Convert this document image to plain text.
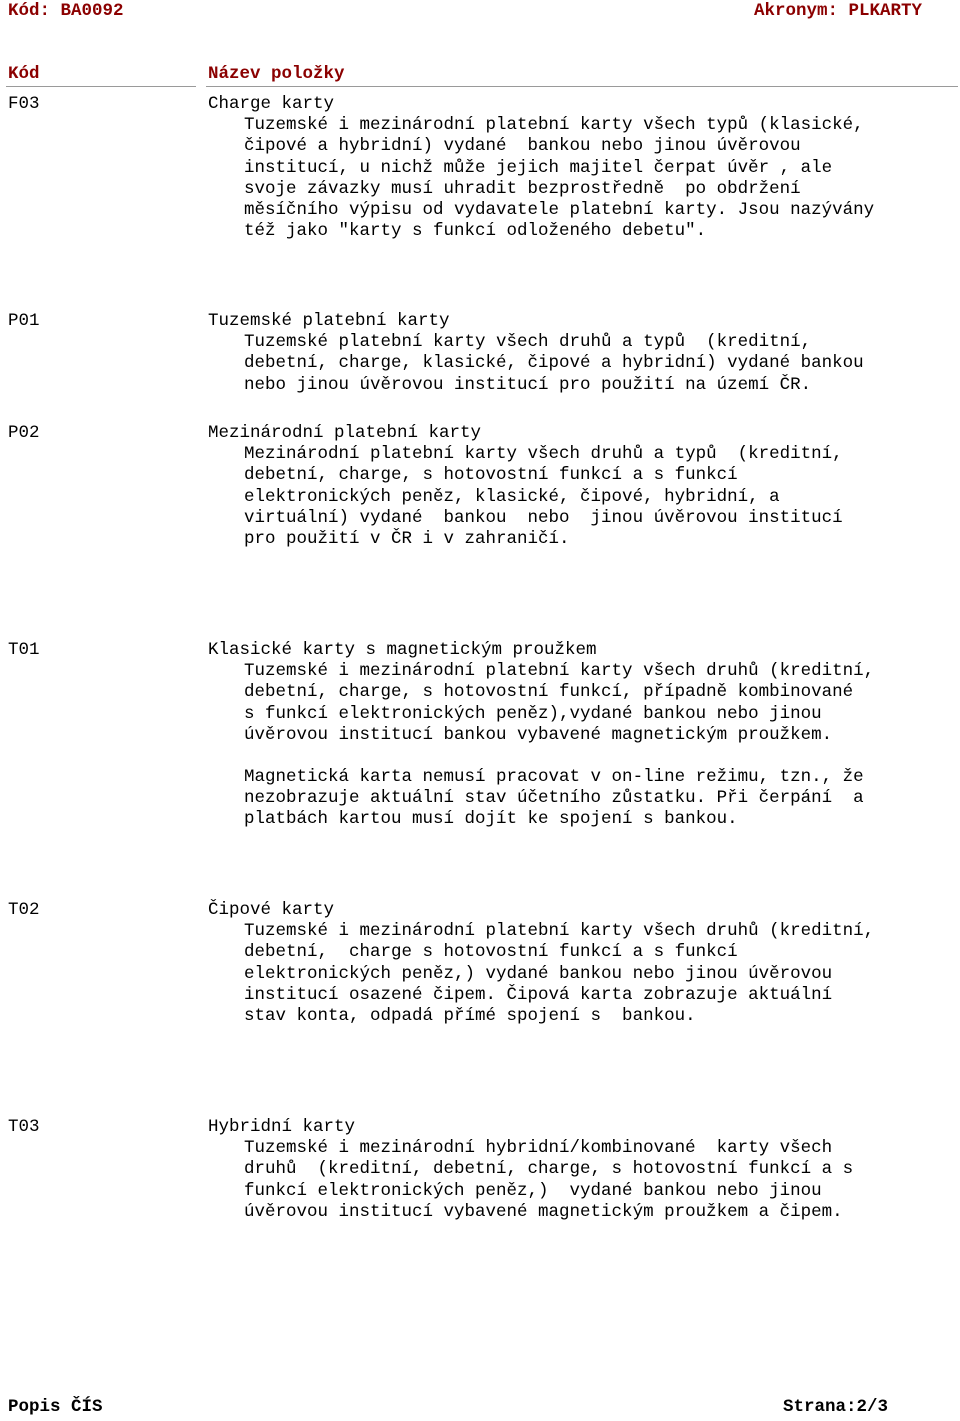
Kód: BA0092	Akronym: PLKARTY
Kód	Název položky
F03	Charge karty
Tuzemské i mezinárodní platební karty všech typů (klasické,
čipové a hybridní) vydané  bankou nebo jinou úvěrovou
institucí, u nichž může jejich majitel čerpat úvěr , ale
svoje závazky musí uhradit bezprostředně  po obdržení
měsíčního výpisu od vydavatele platební karty. Jsou nazývány
též jako "karty s funkcí odloženého debetu".
P01	Tuzemské platební karty
Tuzemské platební karty všech druhů a typů  (kreditní,
debetní, charge, klasické, čipové a hybridní) vydané bankou
nebo jinou úvěrovou institucí pro použití na území ČR.
P02	Mezinárodní platební karty
Mezinárodní platební karty všech druhů a typů  (kreditní,
debetní, charge, s hotovostní funkcí a s funkcí
elektronických peněz, klasické, čipové, hybridní, a
virtuální) vydané  bankou  nebo  jinou úvěrovou institucí
pro použití v ČR i v zahraničí.
T01	Klasické karty s magnetickým proužkem
Tuzemské i mezinárodní platební karty všech druhů (kreditní,
debetní, charge, s hotovostní funkcí, případně kombinované
s funkcí elektronických peněz),vydané bankou nebo jinou
úvěrovou institucí bankou vybavené magnetickým proužkem.
Magnetická karta nemusí pracovat v on-line režimu, tzn., že
nezobrazuje aktuální stav účetního zůstatku. Při čerpání  a
platbách kartou musí dojít ke spojení s bankou.
T02	Čipové karty
Tuzemské i mezinárodní platební karty všech druhů (kreditní,
debetní,  charge s hotovostní funkcí a s funkcí
elektronických peněz,) vydané bankou nebo jinou úvěrovou
institucí osazené čipem. Čipová karta zobrazuje aktuální
stav konta, odpadá přímé spojení s  bankou.
T03	Hybridní karty
Tuzemské i mezinárodní hybridní/kombinované  karty všech
druhů  (kreditní, debetní, charge, s hotovostní funkcí a s
funkcí elektronických peněz,)  vydané bankou nebo jinou
úvěrovou institucí vybavené magnetickým proužkem a čipem.
Popis ČÍS	Strana:2/3
